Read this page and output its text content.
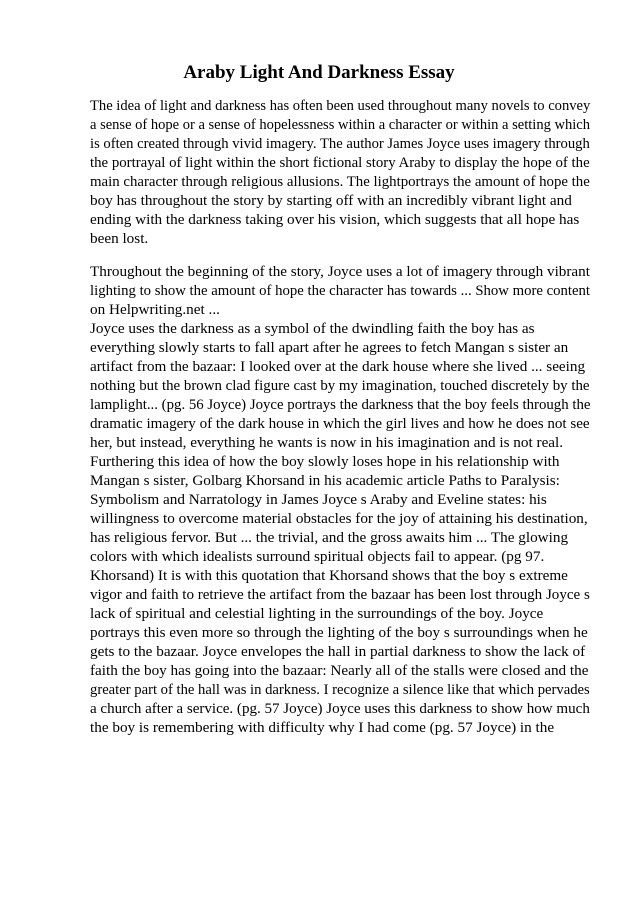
Araby Light And Darkness Essay
The idea of light and darkness has often been used throughout many novels to convey
a sense of hope or a sense of hopelessness within a character or within a setting which
is often created through vivid imagery. The author James Joyce uses imagery through
the portrayal of light within the short fictional story Araby to display the hope of the
main character through religious allusions. The lightportrays the amount of hope the
boy has throughout the story by starting off with an incredibly vibrant light and
ending with the darkness taking over his vision, which suggests that all hope has
been lost.
Throughout the beginning of the story, Joyce uses a lot of imagery through vibrant
lighting to show the amount of hope the character has towards ... Show more content
on Helpwriting.net ...
Joyce uses the darkness as a symbol of the dwindling faith the boy has as
everything slowly starts to fall apart after he agrees to fetch Mangan s sister an
artifact from the bazaar: I looked over at the dark house where she lived ... seeing
nothing but the brown clad figure cast by my imagination, touched discretely by the
lamplight... (pg. 56 Joyce) Joyce portrays the darkness that the boy feels through the
dramatic imagery of the dark house in which the girl lives and how he does not see
her, but instead, everything he wants is now in his imagination and is not real.
Furthering this idea of how the boy slowly loses hope in his relationship with
Mangan s sister, Golbarg Khorsand in his academic article Paths to Paralysis:
Symbolism and Narratology in James Joyce s Araby and Eveline states: his
willingness to overcome material obstacles for the joy of attaining his destination,
has religious fervor. But ... the trivial, and the gross awaits him ... The glowing
colors with which idealists surround spiritual objects fail to appear. (pg 97.
Khorsand) It is with this quotation that Khorsand shows that the boy s extreme
vigor and faith to retrieve the artifact from the bazaar has been lost through Joyce s
lack of spiritual and celestial lighting in the surroundings of the boy. Joyce
portrays this even more so through the lighting of the boy s surroundings when he
gets to the bazaar. Joyce envelopes the hall in partial darkness to show the lack of
faith the boy has going into the bazaar: Nearly all of the stalls were closed and the
greater part of the hall was in darkness. I recognize a silence like that which pervades
a church after a service. (pg. 57 Joyce) Joyce uses this darkness to show how much
the boy is remembering with difficulty why I had come (pg. 57 Joyce) in the
